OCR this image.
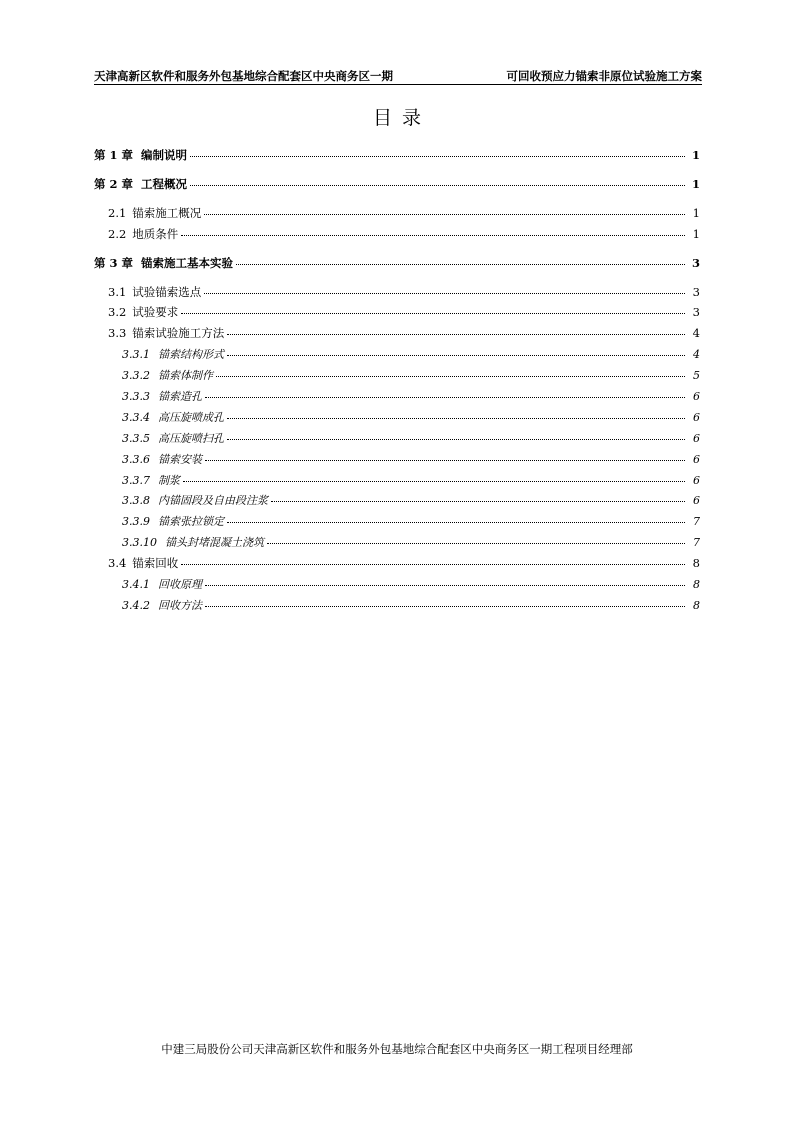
天津高新区软件和服务外包基地综合配套区中央商务区一期	可回收预应力锚索非原位试验施工方案
目录
第 1 章 编制说明	1
第 2 章 工程概况	1
2.1 锚索施工概况	1
2.2 地质条件	1
第 3 章 锚索施工基本实验	3
3.1 试验锚索选点	3
3.2 试验要求	3
3.3 锚索试验施工方法	4
3.3.1 锚索结构形式	4
3.3.2 锚索体制作	5
3.3.3 锚索造孔	6
3.3.4 高压旋喷成孔	6
3.3.5 高压旋喷扫孔	6
3.3.6 锚索安装	6
3.3.7 制浆	6
3.3.8 内锚固段及自由段注浆	6
3.3.9 锚索张拉锁定	7
3.3.10 锚头封堵混凝土浇筑	7
3.4 锚索回收	8
3.4.1 回收原理	8
3.4.2 回收方法	8
中建三局股份公司天津高新区软件和服务外包基地综合配套区中央商务区一期工程项目经理部
